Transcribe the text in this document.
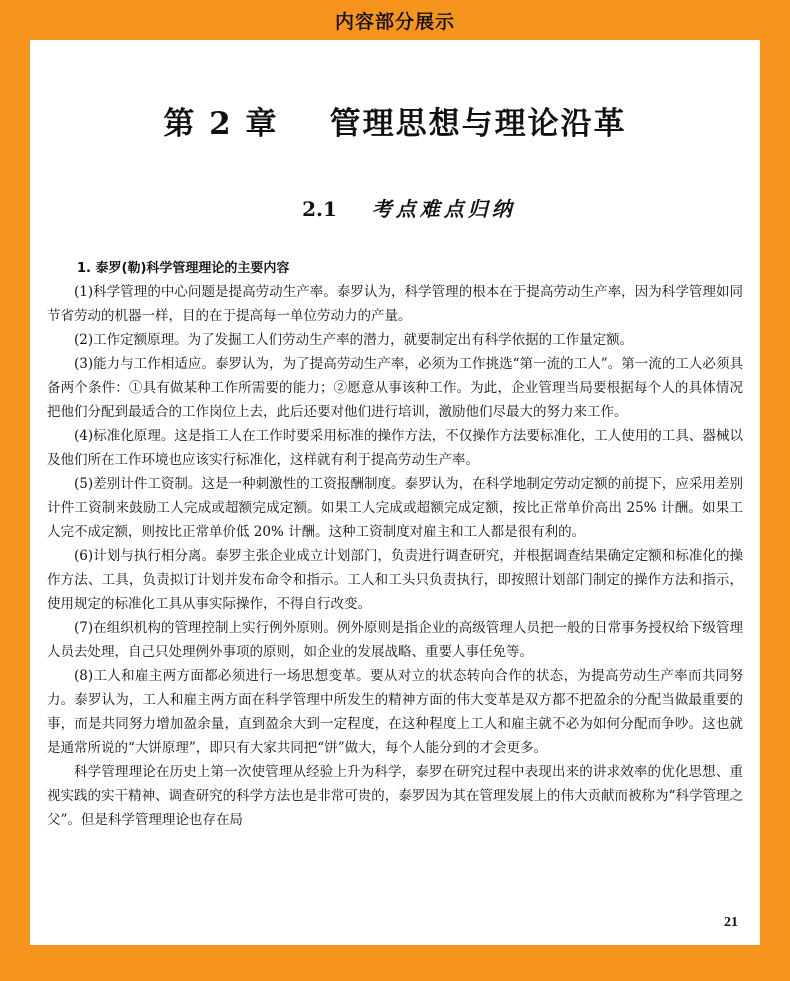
内容部分展示
第 2 章    管理思想与理论沿革

2.1 考点难点归纳

1. 泰罗(勒)科学管理理论的主要内容

(1)科学管理的中心问题是提高劳动生产率。泰罗认为，科学管理的根本在于提高劳动生产率，因为科学管理如同节省劳动的机器一样，目的在于提高每一单位劳动力的产量。

(2)工作定额原理。为了发掘工人们劳动生产率的潜力，就要制定出有科学依据的工作量定额。

(3)能力与工作相适应。泰罗认为，为了提高劳动生产率，必须为工作挑选“第一流的工人”。第一流的工人必须具备两个条件：①具有做某种工作所需要的能力；②愿意从事该种工作。为此，企业管理当局要根据每个人的具体情况把他们分配到最适合的工作岗位上去，此后还要对他们进行培训，激励他们尽最大的努力来工作。

(4)标准化原理。这是指工人在工作时要采用标准的操作方法，不仅操作方法要标准化，工人使用的工具、器械以及他们所在工作环境也应该实行标准化，这样就有利于提高劳动生产率。

(5)差别计件工资制。这是一种刺激性的工资报酬制度。泰罗认为，在科学地制定劳动定额的前提下，应采用差别计件工资制来鼓励工人完成或超额完成定额。如果工人完成或超额完成定额，按比正常单价高出 25% 计酬。如果工人完不成定额，则按比正常单价低 20% 计酬。这种工资制度对雇主和工人都是很有利的。

(6)计划与执行相分离。泰罗主张企业成立计划部门，负责进行调查研究，并根据调查结果确定定额和标准化的操作方法、工具，负责拟订计划并发布命令和指示。工人和工头只负责执行，即按照计划部门制定的操作方法和指示，使用规定的标准化工具从事实际操作，不得自行改变。

(7)在组织机构的管理控制上实行例外原则。例外原则是指企业的高级管理人员把一般的日常事务授权给下级管理人员去处理，自己只处理例外事项的原则，如企业的发展战略、重要人事任免等。

(8)工人和雇主两方面都必须进行一场思想变革。要从对立的状态转向合作的状态，为提高劳动生产率而共同努力。泰罗认为，工人和雇主两方面在科学管理中所发生的精神方面的伟大变革是双方都不把盈余的分配当做最重要的事，而是共同努力增加盈余量，直到盈余大到一定程度，在这种程度上工人和雇主就不必为如何分配而争吵。这也就是通常所说的“大饼原理”，即只有大家共同把“饼”做大，每个人能分到的才会更多。

科学管理理论在历史上第一次使管理从经验上升为科学，泰罗在研究过程中表现出来的讲求效率的优化思想、重视实践的实干精神、调查研究的科学方法也是非常可贵的，泰罗因为其在管理发展上的伟大贡献而被称为“科学管理之父”。但是科学管理理论也存在局

21
